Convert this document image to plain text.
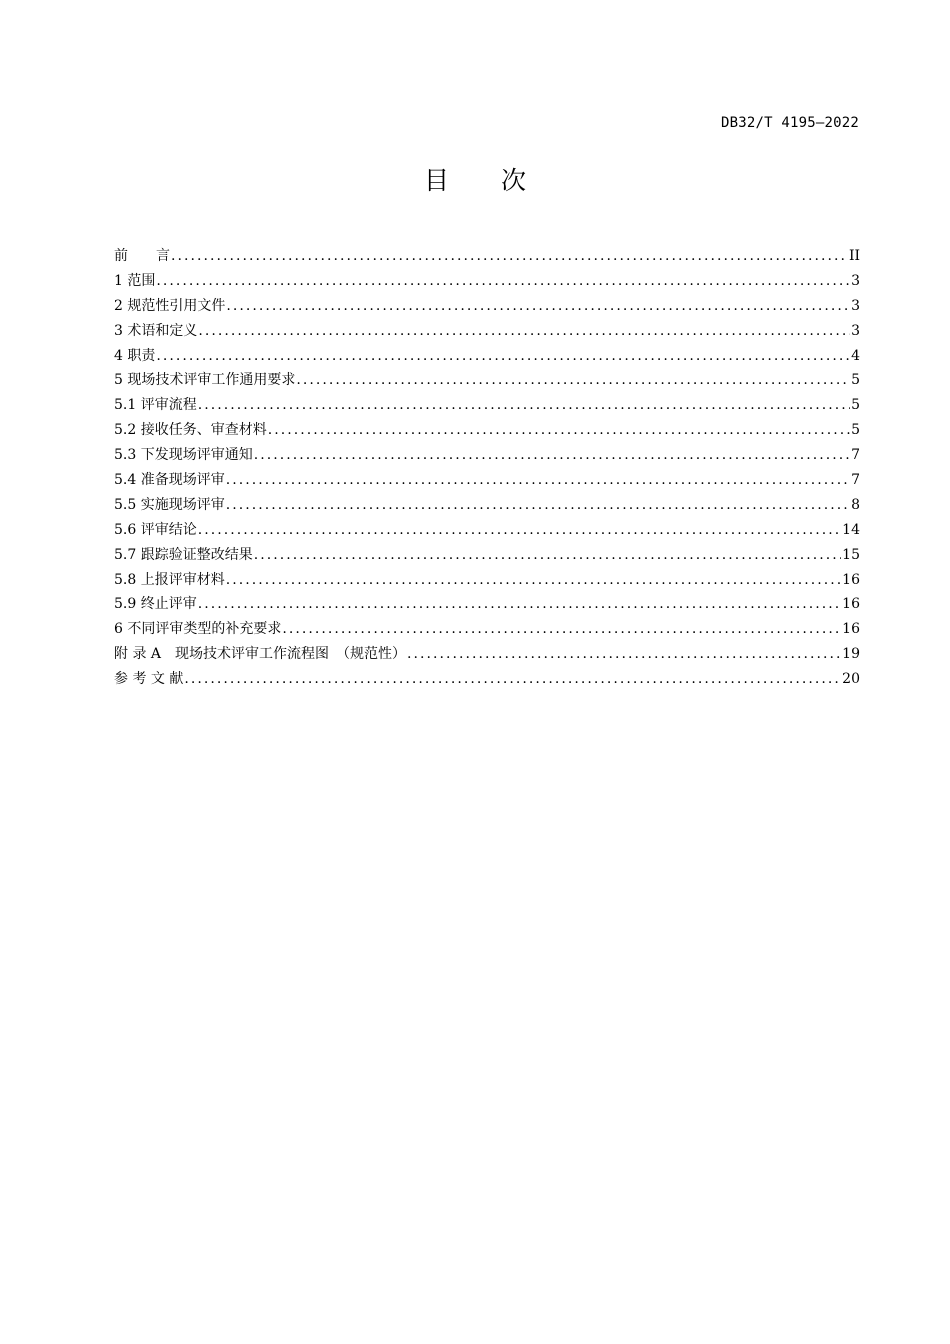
DB32/T 4195—2022
目 次
前　　言 . . .	II
1 范围 . . .	3
2 规范性引用文件 . . .	3
3 术语和定义 . . .	3
4 职责 . . .	4
5 现场技术评审工作通用要求 . . .	5
5.1 评审流程 . . .	5
5.2 接收任务、审查材料 . . .	5
5.3 下发现场评审通知 . . .	7
5.4 准备现场评审 . . .	7
5.5 实施现场评审 . . .	8
5.6 评审结论 . . .	14
5.7 跟踪验证整改结果 . . .	15
5.8 上报评审材料 . . .	16
5.9 终止评审 . . .	16
6 不同评审类型的补充要求 . . .	16
附 录 A　现场技术评审工作流程图　（规范性） . . .	19
参 考 文 献 . . .	20
